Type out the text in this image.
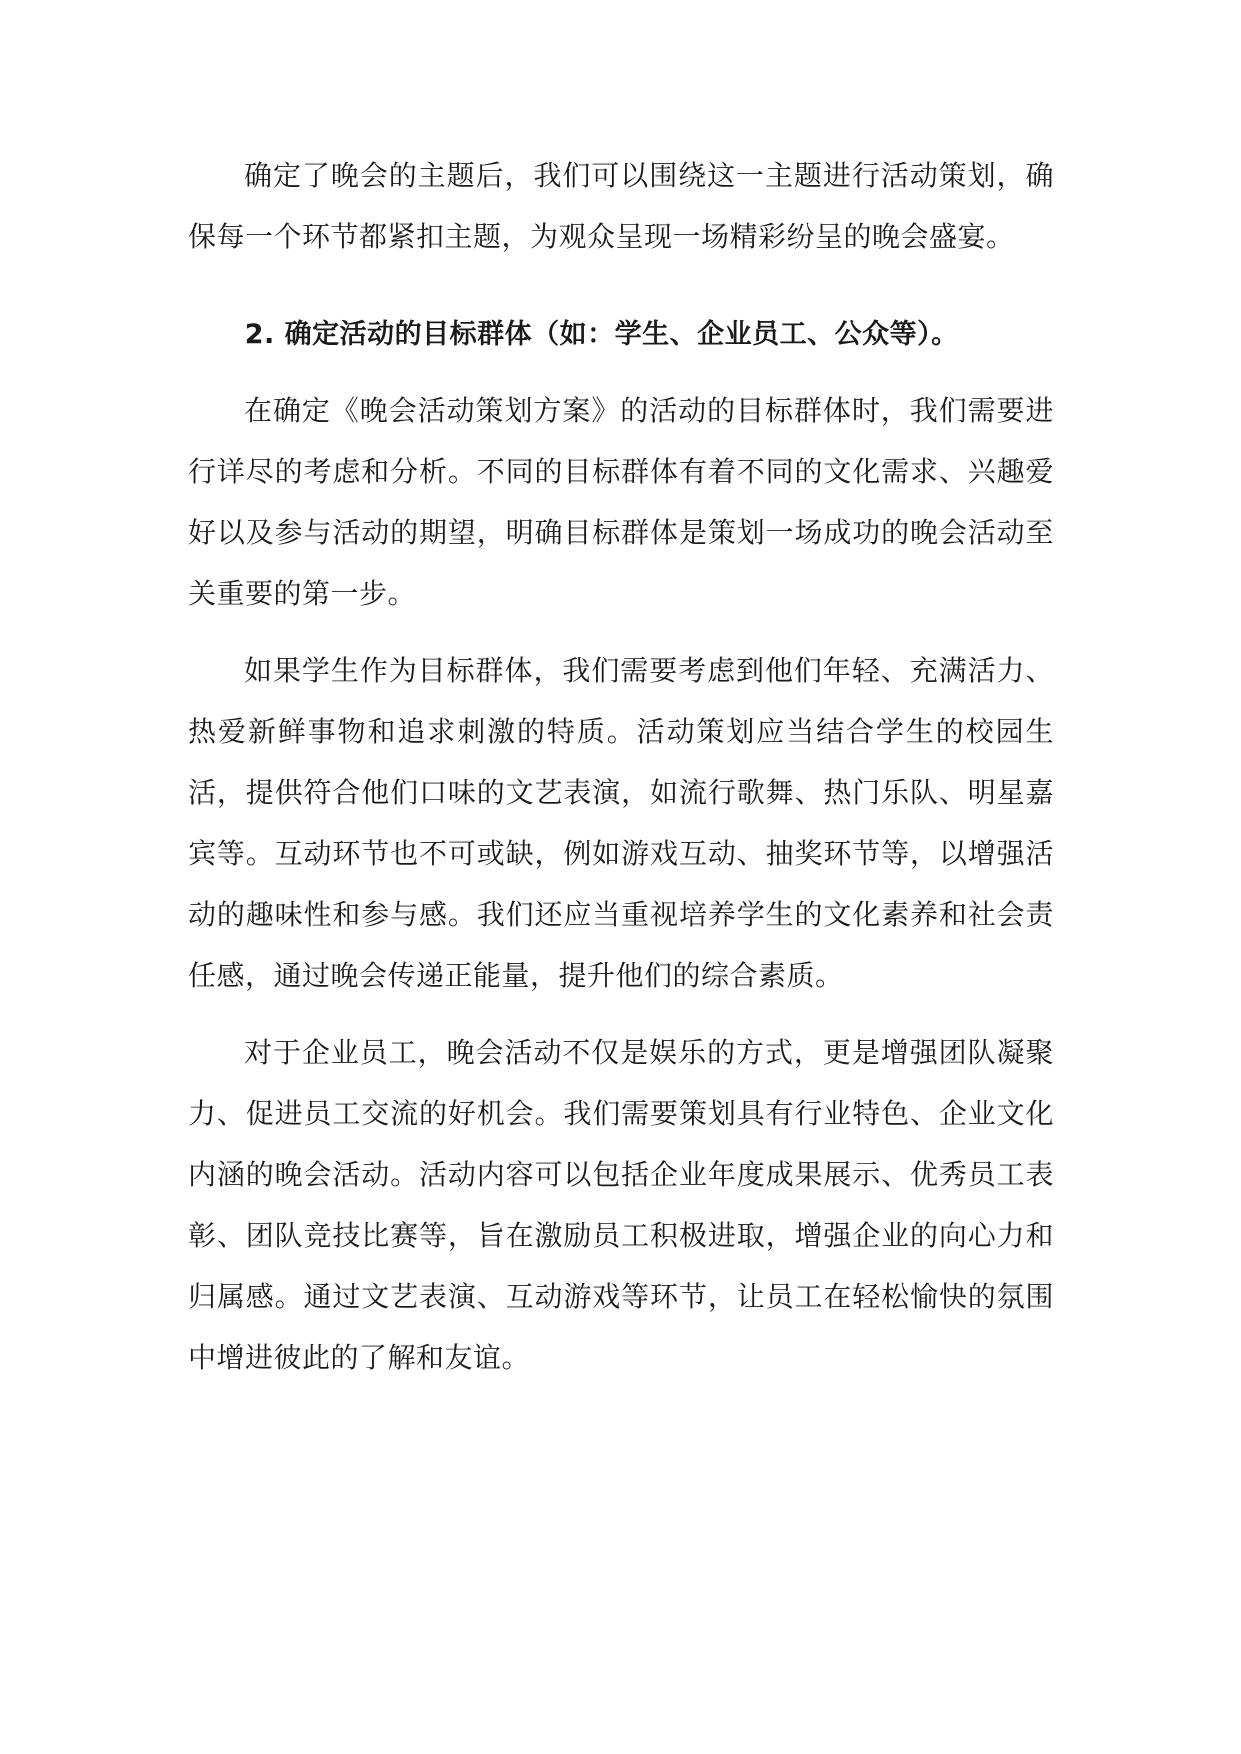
确定了晚会的主题后，我们可以围绕这一主题进行活动策划，确保每一个环节都紧扣主题，为观众呈现一场精彩纷呈的晚会盛宴。

2. 确定活动的目标群体（如：学生、企业员工、公众等）。

在确定《晚会活动策划方案》的活动的目标群体时，我们需要进行详尽的考虑和分析。不同的目标群体有着不同的文化需求、兴趣爱好以及参与活动的期望，明确目标群体是策划一场成功的晚会活动至关重要的第一步。

如果学生作为目标群体，我们需要考虑到他们年轻、充满活力、热爱新鲜事物和追求刺激的特质。活动策划应当结合学生的校园生活，提供符合他们口味的文艺表演，如流行歌舞、热门乐队、明星嘉宾等。互动环节也不可或缺，例如游戏互动、抽奖环节等，以增强活动的趣味性和参与感。我们还应当重视培养学生的文化素养和社会责任感，通过晚会传递正能量，提升他们的综合素质。

对于企业员工，晚会活动不仅是娱乐的方式，更是增强团队凝聚力、促进员工交流的好机会。我们需要策划具有行业特色、企业文化内涵的晚会活动。活动内容可以包括企业年度成果展示、优秀员工表彰、团队竞技比赛等，旨在激励员工积极进取，增强企业的向心力和归属感。通过文艺表演、互动游戏等环节，让员工在轻松愉快的氛围中增进彼此的了解和友谊。
